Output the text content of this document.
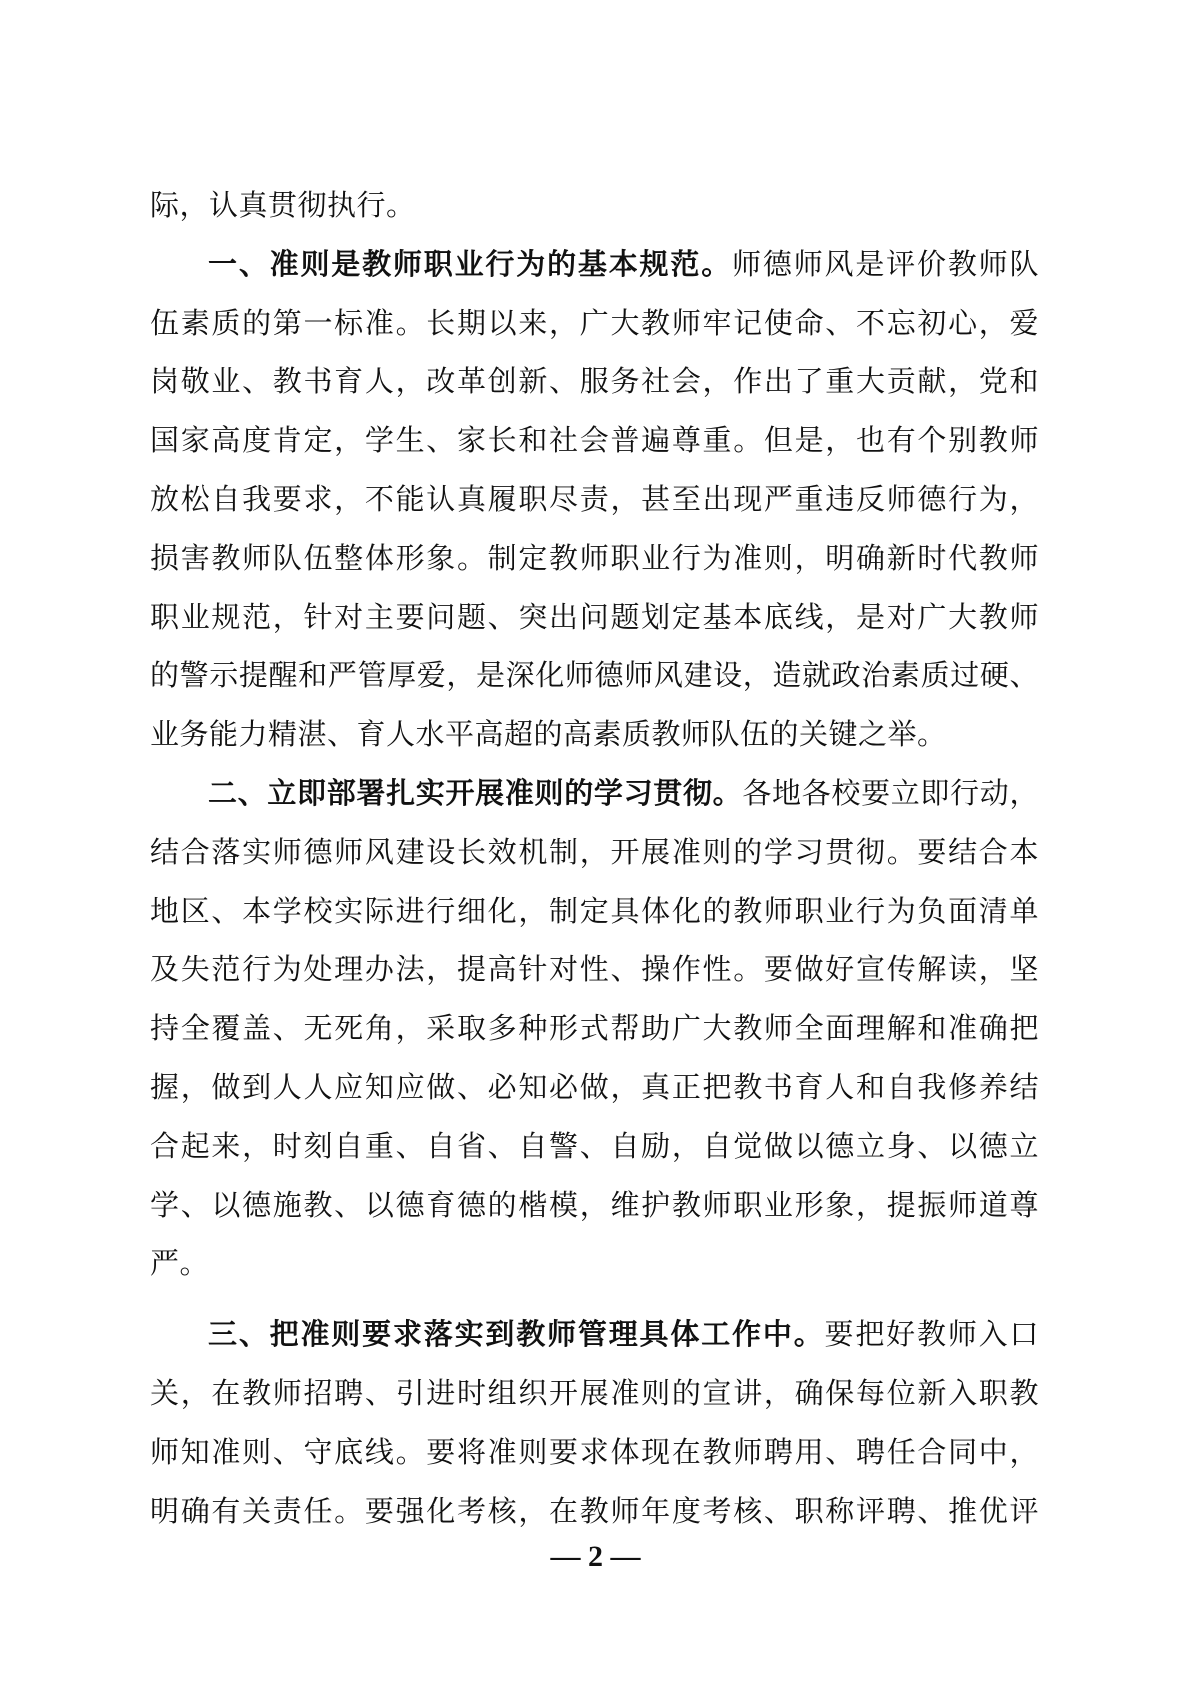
际，认真贯彻执行。
一、准则是教师职业行为的基本规范。师德师风是评价教师队
伍素质的第一标准。长期以来，广大教师牢记使命、不忘初心，爱
岗敬业、教书育人，改革创新、服务社会，作出了重大贡献，党和
国家高度肯定，学生、家长和社会普遍尊重。但是，也有个别教师
放松自我要求，不能认真履职尽责，甚至出现严重违反师德行为，
损害教师队伍整体形象。制定教师职业行为准则，明确新时代教师
职业规范，针对主要问题、突出问题划定基本底线，是对广大教师
的警示提醒和严管厚爱，是深化师德师风建设，造就政治素质过硬、
业务能力精湛、育人水平高超的高素质教师队伍的关键之举。
二、立即部署扎实开展准则的学习贯彻。各地各校要立即行动，
结合落实师德师风建设长效机制，开展准则的学习贯彻。要结合本
地区、本学校实际进行细化，制定具体化的教师职业行为负面清单
及失范行为处理办法，提高针对性、操作性。要做好宣传解读，坚
持全覆盖、无死角，采取多种形式帮助广大教师全面理解和准确把
握，做到人人应知应做、必知必做，真正把教书育人和自我修养结
合起来，时刻自重、自省、自警、自励，自觉做以德立身、以德立
学、以德施教、以德育德的楷模，维护教师职业形象，提振师道尊
严。
三、把准则要求落实到教师管理具体工作中。要把好教师入口
关，在教师招聘、引进时组织开展准则的宣讲，确保每位新入职教
师知准则、守底线。要将准则要求体现在教师聘用、聘任合同中，
明确有关责任。要强化考核，在教师年度考核、职称评聘、推优评
— 2 —
